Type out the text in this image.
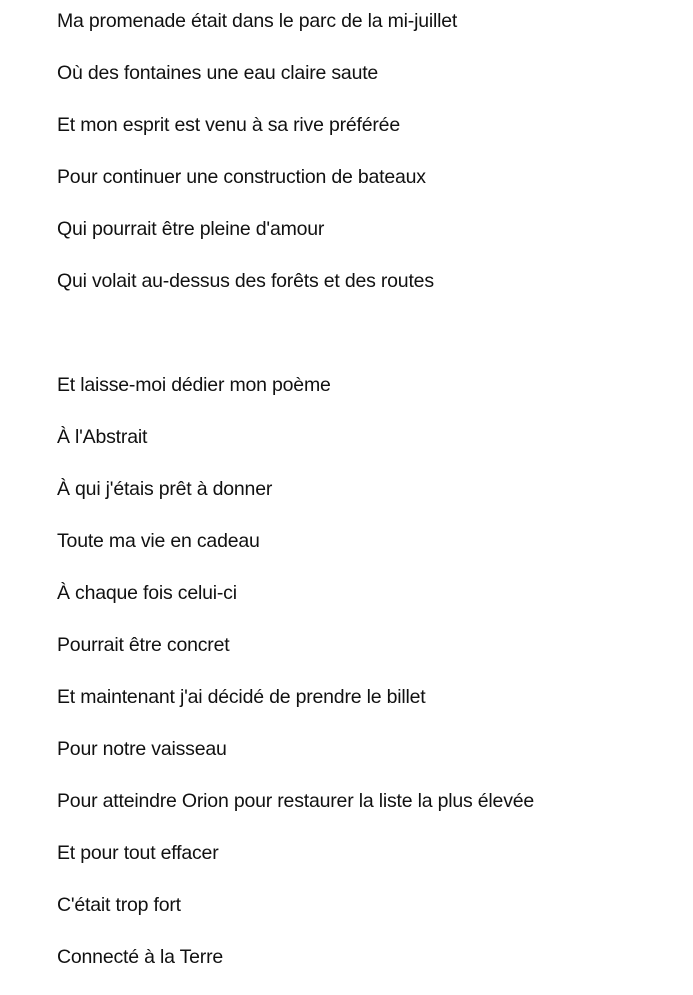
Ma promenade était dans le parc de la mi-juillet
Où des fontaines une eau claire saute
Et mon esprit est venu à sa rive préférée
Pour continuer une construction de bateaux
Qui pourrait être pleine d'amour
Qui volait au-dessus des forêts et des routes
Et laisse-moi dédier mon poème
À l'Abstrait
À qui j'étais prêt à donner
Toute ma vie en cadeau
À chaque fois celui-ci
Pourrait être concret
Et maintenant j'ai décidé de prendre le billet
Pour notre vaisseau
Pour atteindre Orion pour restaurer la liste la plus élevée
Et pour tout effacer
C'était trop fort
Connecté à la Terre
